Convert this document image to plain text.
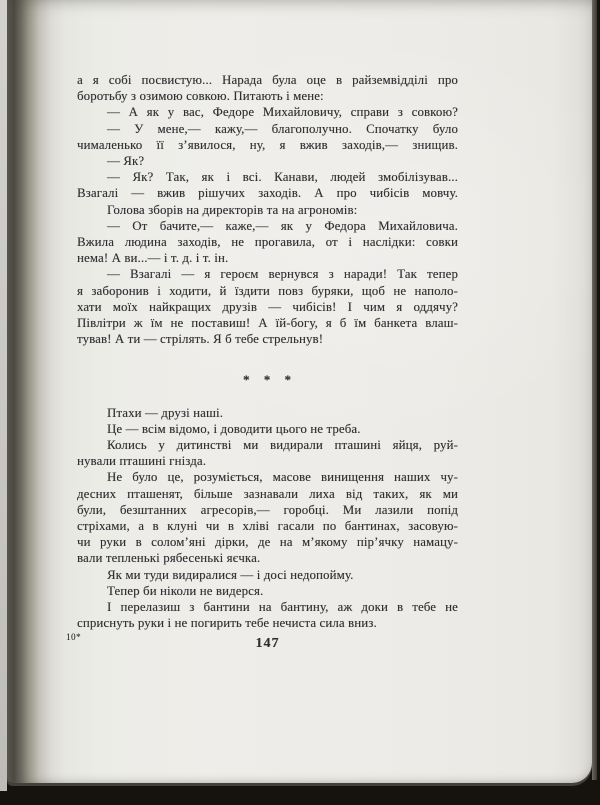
а я собі посвистую... Нарада була оце в райземвідділі про
боротьбу з озимою совкою. Питають і мене:
— А як у вас, Федоре Михайловичу, справи з совкою?
— У мене,— кажу,— благополучно. Спочатку було
чималенько її з’явилося, ну, я вжив заходів,— знищив.
— Як?
— Як? Так, як і всі. Канави, людей змобілізував...
Взагалі — вжив рішучих заходів. А про чибісів мовчу.
Голова зборів на директорів та на агрономів:
— От бачите,— каже,— як у Федора Михайловича.
Вжила людина заходів, не прогавила, от і наслідки: совки
нема! А ви...— і т. д. і т. ін.
— Взагалі — я героєм вернувся з наради! Так тепер
я заборонив і ходити, й їздити повз буряки, щоб не наполо-
хати моїх найкращих друзів — чибісів! І чим я оддячу?
Півлітри ж їм не поставиш! А їй-богу, я б їм банкета влаш-
тував! А ти — стрілять. Я б тебе стрельнув!
* * *
Птахи — друзі наші.
Це — всім відомо, і доводити цього не треба.
Колись у дитинстві ми видирали пташині яйця, руй-
нували пташині гнізда.
Не було це, розуміється, масове винищення наших чу-
десних пташенят, більше зазнавали лиха від таких, як ми
були, безштанних агресорів,— горобці. Ми лазили попід
стріхами, а в клуні чи в хліві гасали по бантинах, засовую-
чи руки в солом’яні дірки, де на м’якому пір’ячку намацу-
вали тепленькі рябесенькі яєчка.
Як ми туди видиралися — і досі недопойму.
Тепер би ніколи не видерся.
І перелазиш з бантини на бантину, аж доки в тебе не
сприснуть руки і не погирить тебе нечиста сила вниз.
10*	147
